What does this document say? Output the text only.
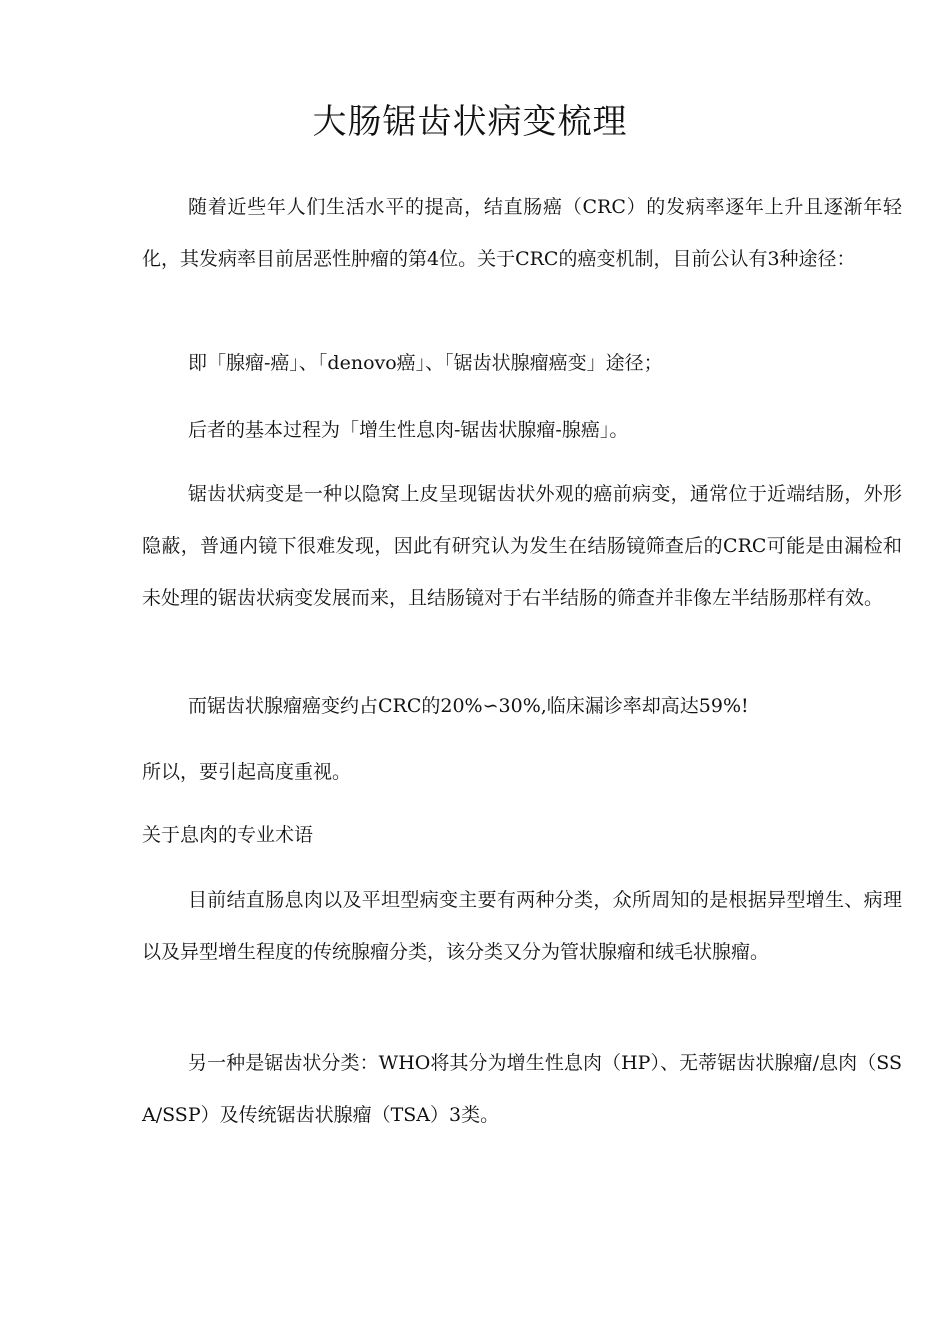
大肠锯齿状病变梳理

随着近些年人们生活水平的提高，结直肠癌（CRC）的发病率逐年上升且逐渐年轻化，其发病率目前居恶性肿瘤的第4位。关于CRC的癌变机制，目前公认有3种途径：

即「腺瘤-癌」、「denovo癌」、「锯齿状腺瘤癌变」途径；

后者的基本过程为「增生性息肉-锯齿状腺瘤-腺癌」。

锯齿状病变是一种以隐窝上皮呈现锯齿状外观的癌前病变，通常位于近端结肠，外形隐蔽，普通内镜下很难发现，因此有研究认为发生在结肠镜筛查后的CRC可能是由漏检和未处理的锯齿状病变发展而来，且结肠镜对于右半结肠的筛查并非像左半结肠那样有效。

而锯齿状腺瘤癌变约占CRC的20%∽30%,临床漏诊率却高达59%!

所以，要引起高度重视。

关于息肉的专业术语

目前结直肠息肉以及平坦型病变主要有两种分类，众所周知的是根据异型增生、病理以及异型增生程度的传统腺瘤分类，该分类又分为管状腺瘤和绒毛状腺瘤。

另一种是锯齿状分类：WHO将其分为增生性息肉（HP）、无蒂锯齿状腺瘤/息肉（SSA/SSP）及传统锯齿状腺瘤（TSA）3类。
